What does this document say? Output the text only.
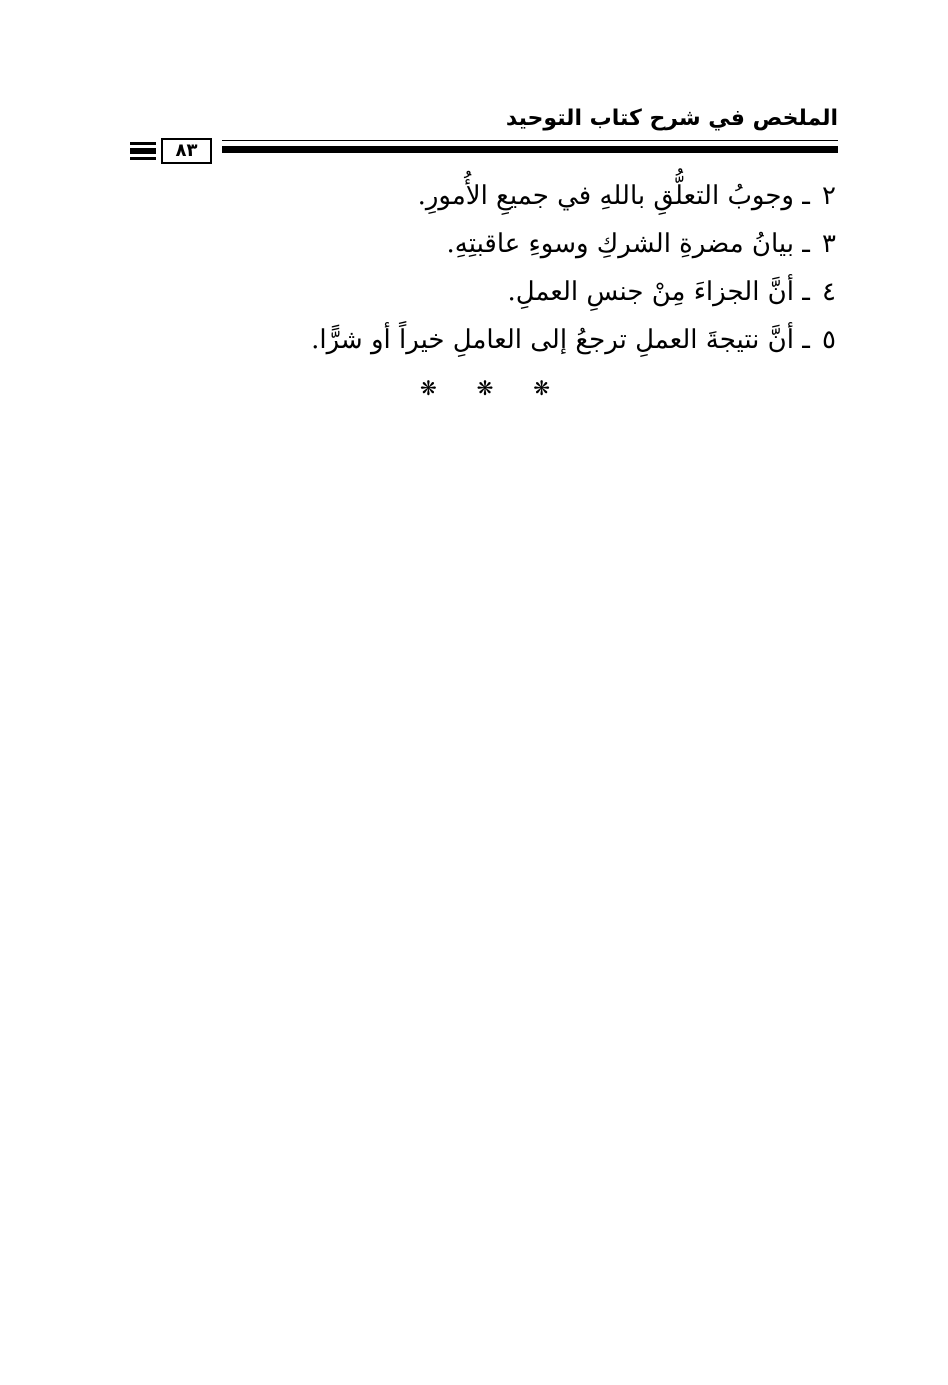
الملخص في شرح كتاب التوحيد
٨٣
٢
ـ
وجوبُ التعلُّقِ باللهِ في جميعِ الأُمورِ.
٣
ـ
بيانُ مضرةِ الشركِ وسوءِ عاقبتِهِ.
٤
ـ
أنَّ الجزاءَ مِنْ جنسِ العملِ.
٥
ـ
أنَّ نتيجةَ العملِ ترجعُ إلى العاملِ خيراً أو شرًّا.
❋ ❋ ❋
